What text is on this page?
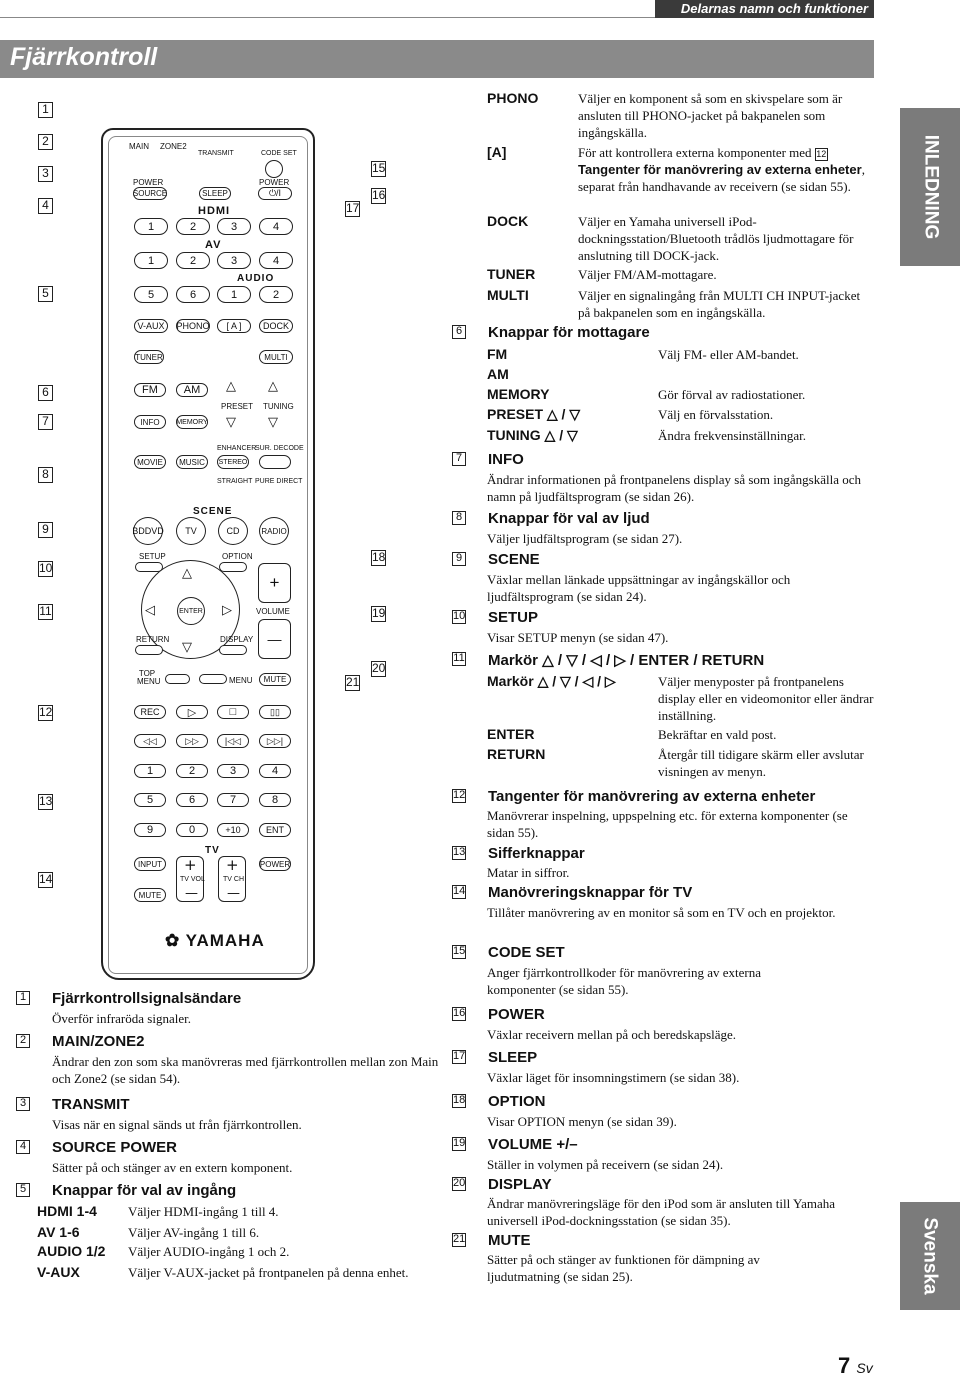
Delarnas namn och funktioner
Fjärrkontroll
INLEDNING
Svenska
1
2
3
4
5
6
7
8
9
10
11
12
13
14
15
16
17
18
19
20
21
MAIN ZONE2
TRANSMIT	CODE SET
POWER	POWER
SOURCE	SLEEP	⏻/I
HDMI
1	2	3	4
AV
1	2	3	4
AUDIO
5	6	1	2
V-AUX	PHONO	[ A ]	DOCK
TUNER	MULTI
FM	AM	△ △
PRESET TUNING
INFO	MEMORY ▽ ▽
ENHANCER
SUR. DECODE
MOVIE	MUSIC	STEREO
STRAIGHT PURE DIRECT
SCENE
BD DVD	TV	CD	RADIO
SETUP	OPTION
△
◁	▷
▽
ENTER
+
VOLUME
—
RETURN	DISPLAY
TOP MENU	MENU	MUTE
REC	▷	□	▯▯
◁◁	▷▷	|◁◁	▷▷|
1	2	3	4
5	6	7	8
9	0	+10	ENT
TV
INPUT	POWER
+
TV VOL
—
+
TV CH
—
MUTE
✿ YAMAHA
1 Fjärrkontrollsignalsändare
Överför infraröda signaler.
2 MAIN/ZONE2
Ändrar den zon som ska manövreras med fjärrkontrollen mellan zon Main och Zone2 (se sidan 54).
3 TRANSMIT
Visas när en signal sänds ut från fjärrkontrollen.
4 SOURCE POWER
Sätter på och stänger av en extern komponent.
5 Knappar för val av ingång
HDMI 1-4 Väljer HDMI-ingång 1 till 4.
AV 1-6	Väljer AV-ingång 1 till 6.
AUDIO 1/2 Väljer AUDIO-ingång 1 och 2.
V-AUX	Väljer V-AUX-jacket på frontpanelen på denna enhet.
PHONO	Väljer en komponent så som en skivspelare som är ansluten till PHONO-jacket på bakpanelen som ingångskälla.
[A]	För att kontrollera externa komponenter med 12Tangenter för manövrering av externa enheter, separat från handhavande av receivern (se sidan 55).
DOCK	Väljer en Yamaha universell iPod-dockningsstation/Bluetooth trådlös ljudmottagare för anslutning till DOCK-jack.
TUNER	Väljer FM/AM-mottagare.
MULTI	Väljer en signalingång från MULTI CH INPUT-jacket på bakpanelen som en ingångskälla.
6 Knappar för mottagare
FM	Välj FM- eller AM-bandet.
AM
MEMORY	Gör förval av radiostationer.
PRESET △ / ▽	Välj en förvalsstation.
TUNING △ / ▽	Ändra frekvensinställningar.
7 INFO
Ändrar informationen på frontpanelens display så som ingångskälla och namn på ljudfältsprogram (se sidan 26).
8 Knappar för val av ljud
Väljer ljudfältsprogram (se sidan 27).
9 SCENE
Växlar mellan länkade uppsättningar av ingångskällor och ljudfältsprogram (se sidan 24).
10 SETUP
Visar SETUP menyn (se sidan 47).
11 Markör △ / ▽ / ◁ / ▷ / ENTER / RETURN
Markör △ / ▽ / ◁ / ▷	Väljer menyposter på frontpanelens display eller en videomonitor eller ändrar inställning.
ENTER	Bekräftar en vald post.
RETURN	Återgår till tidigare skärm eller avslutar visningen av menyn.
12 Tangenter för manövrering av externa enheter
Manövrerar inspelning, uppspelning etc. för externa komponenter (se sidan 55).
13 Sifferknappar
Matar in siffror.
14 Manövreringsknappar för TV
Tillåter manövrering av en monitor så som en TV och en projektor.
15 CODE SET
Anger fjärrkontrollkoder för manövrering av externa komponenter (se sidan 55).
16 POWER
Växlar receivern mellan på och beredskapsläge.
17 SLEEP
Växlar läget för insomningstimern (se sidan 38).
18 OPTION
Visar OPTION menyn (se sidan 39).
19 VOLUME +/–
Ställer in volymen på receivern (se sidan 24).
20 DISPLAY
Ändrar manövreringsläge för den iPod som är ansluten till Yamaha universell iPod-dockningsstation (se sidan 35).
21 MUTE
Sätter på och stänger av funktionen för dämpning av ljudutmatning (se sidan 25).
7 Sv
